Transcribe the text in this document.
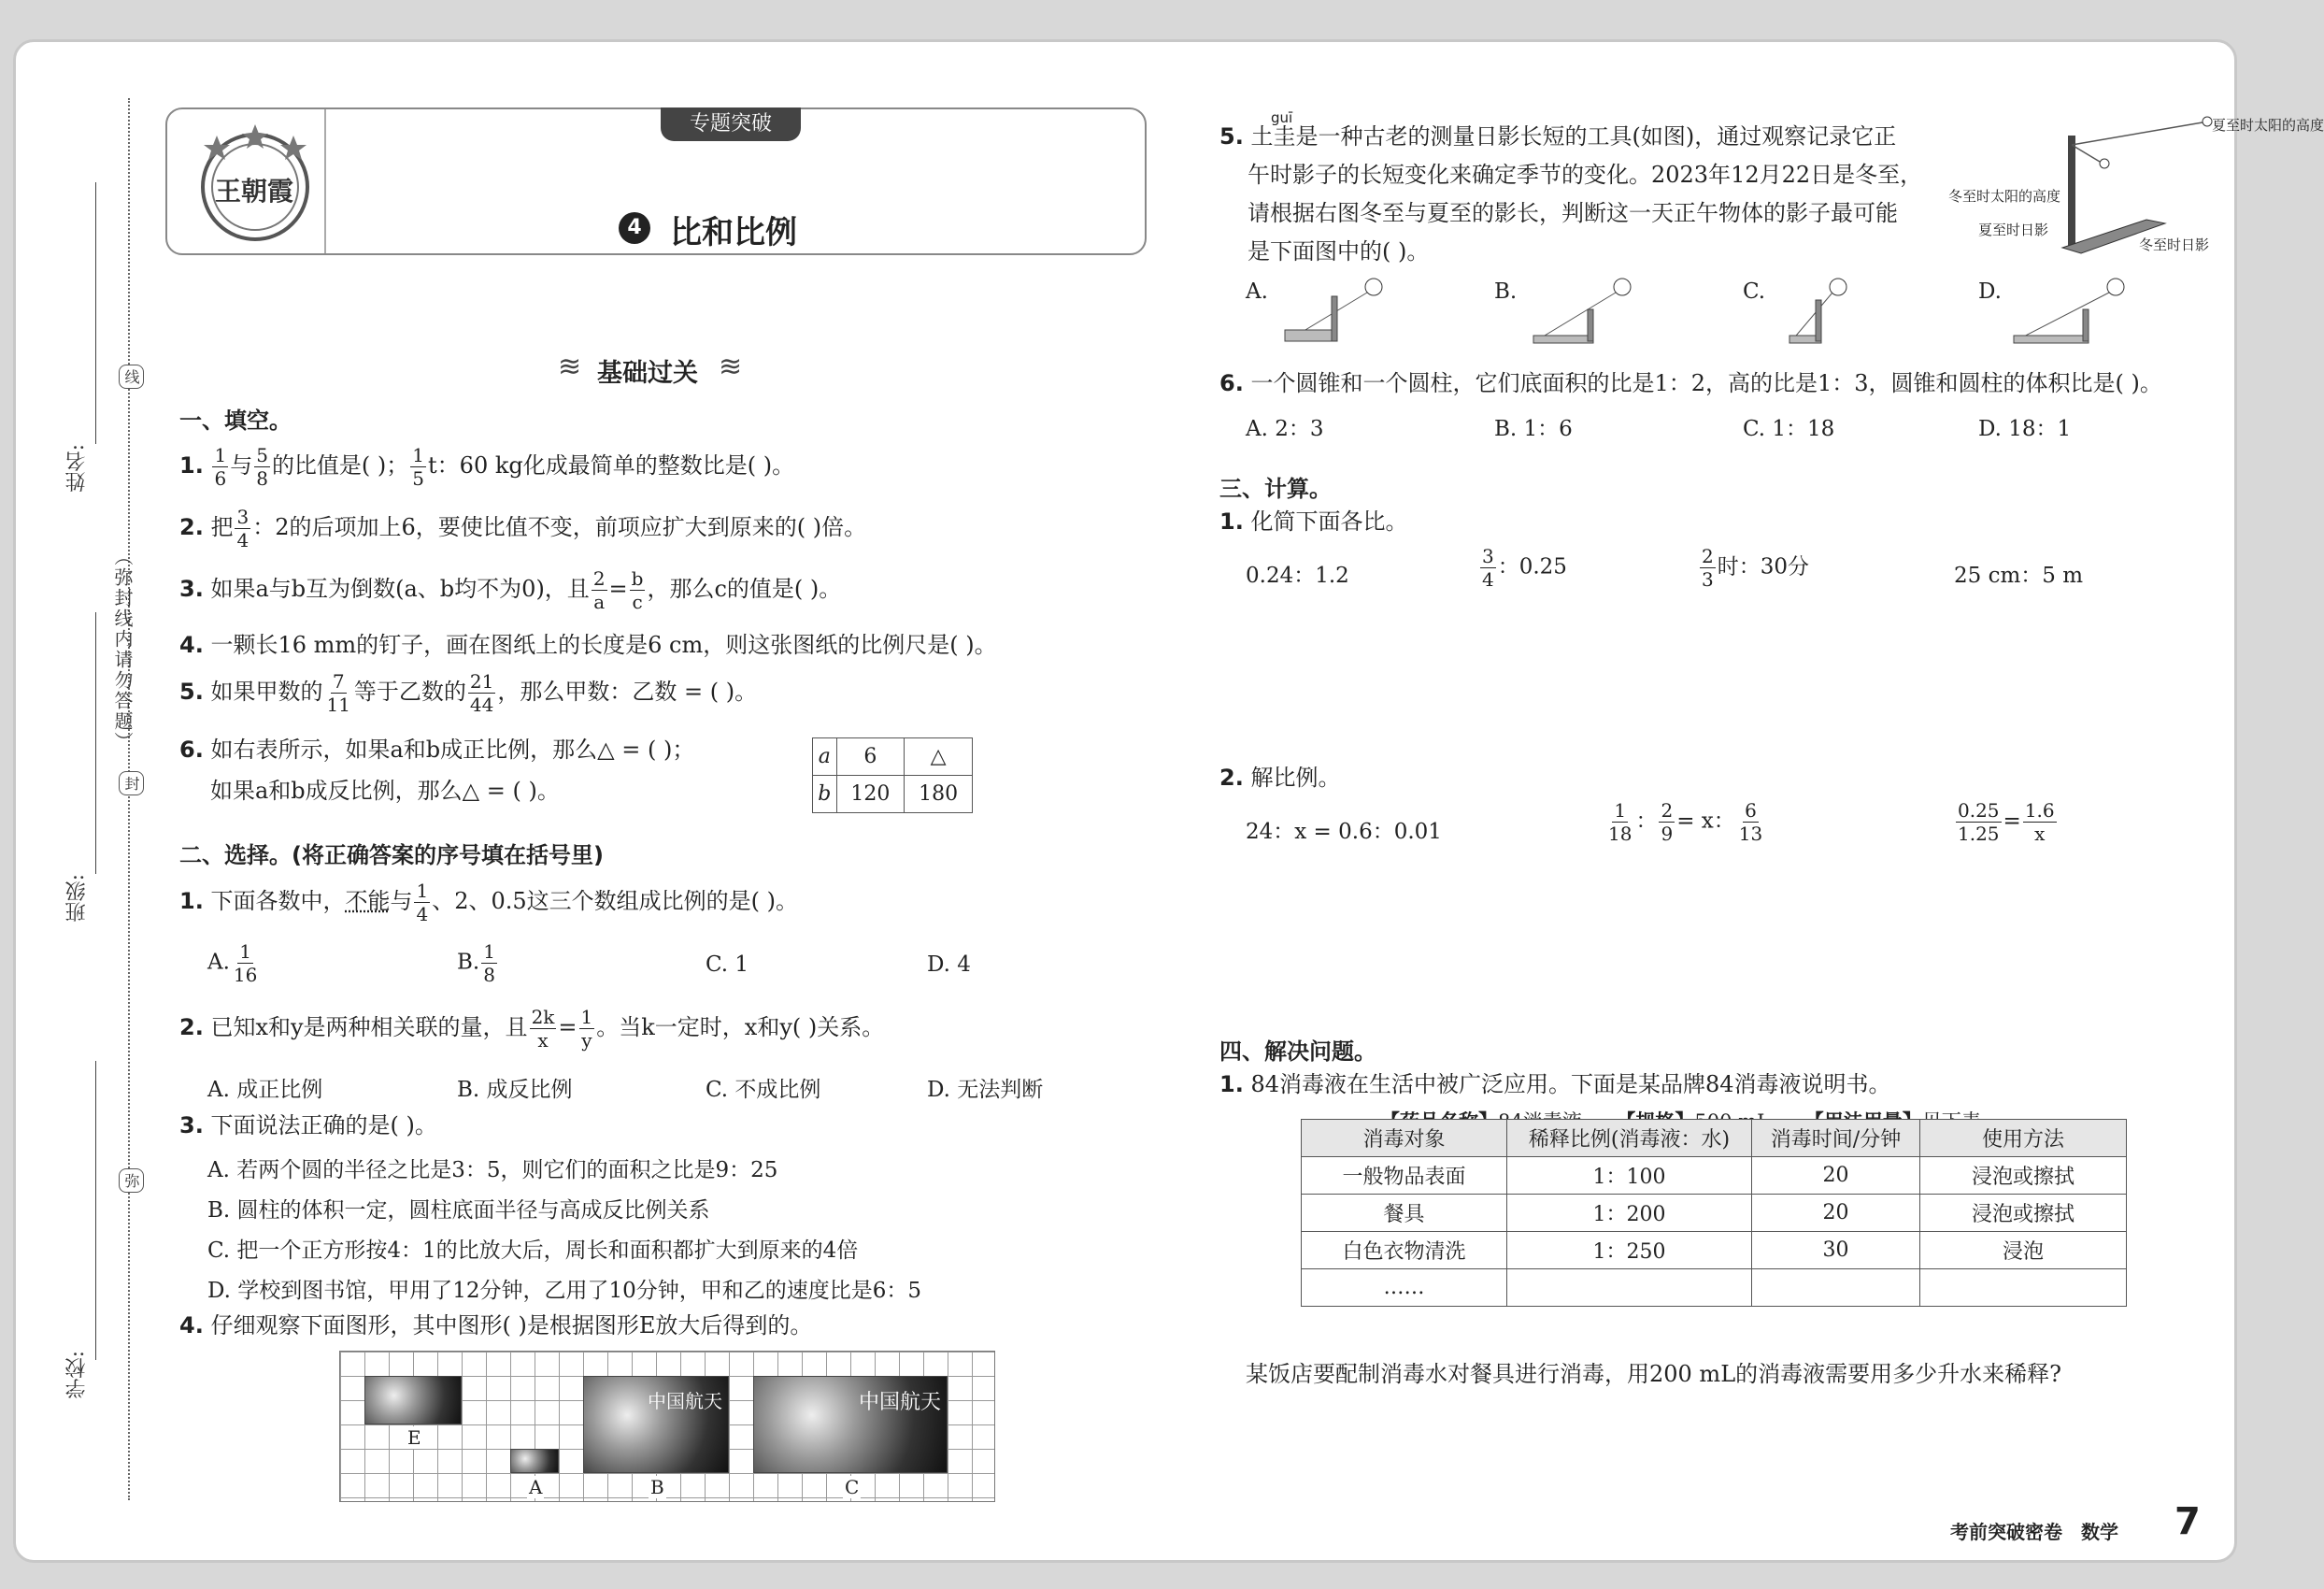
姓名:
班级:
学校:
（弥封线内请勿答题）
线
封
弥
王朝霞
专题突破
4 比和比例
≋ 基础过关 ≋
一、填空。
1. $\frac{1}{6}$ 与 $\frac{5}{8}$ 的比值是( )； $\frac{1}{5}$ t：60 kg化成最简单的整数比是( )。
2. 把 $\frac{3}{4}$ ：2的后项加上6，要使比值不变，前项应扩大到原来的( )倍。
3. 如果a与b互为倒数(a、b均不为0)，且 $\frac{2}{a} = \frac{b}{c}$ ，那么c的值是( )。
4. 一颗长16 mm的钉子，画在图纸上的长度是6 cm，则这张图纸的比例尺是( )。
5. 如果甲数的 $\frac{7}{11}$ 等于乙数的 $\frac{21}{44}$ ，那么甲数：乙数 = ( )。
6. 如右表所示，如果a和b成正比例，那么△ = ( )；
如果a和b成反比例，那么△ = ( )。
a	6	△
b	120	180
二、选择。(将正确答案的序号填在括号里)
1. 下面各数中，不能与 $\frac{1}{4}$ 、2、0.5这三个数组成比例的是( )。
A. $\frac{1}{16}$	B. $\frac{1}{8}$	C. 1	D. 4
2. 已知x和y是两种相关联的量，且 $\frac{2k}{x} = \frac{1}{y}$ 。当k一定时，x和y( )关系。
A. 成正比例	B. 成反比例	C. 不成比例	D. 无法判断
3. 下面说法正确的是( )。
A. 若两个圆的半径之比是3：5，则它们的面积之比是9：25
B. 圆柱的体积一定，圆柱底面半径与高成反比例关系
C. 把一个正方形按4：1的比放大后，周长和面积都扩大到原来的4倍
D. 学校到图书馆，甲用了12分钟，乙用了10分钟，甲和乙的速度比是6：5
4. 仔细观察下面图形，其中图形( )是根据图形E放大后得到的。
中国航天	中国航天
E
A	B	C
guī
5. 土圭是一种古老的测量日影长短的工具(如图)，通过观察记录它正
午时影子的长短变化来确定季节的变化。2023年12月22日是冬至，
请根据右图冬至与夏至的影长，判断这一天正午物体的影子最可能
是下面图中的( )。
夏至时太阳的高度
冬至时太阳的高度
夏至时日影
冬至时日影
A.	B.	C.	D.
6. 一个圆锥和一个圆柱，它们底面积的比是1：2，高的比是1：3，圆锥和圆柱的体积比是( )。
A. 2：3	B. 1：6	C. 1：18	D. 18：1
三、计算。
1. 化简下面各比。
0.24：1.2	$\frac{3}{4}$ ：0.25	$\frac{2}{3}$ 时：30分	25 cm：5 m
2. 解比例。
24：x = 0.6：0.01	$\frac{1}{18}$ ： $\frac{2}{9} = x$： $\frac{6}{13}$	$\frac{0.25}{1.25} = \frac{1.6}{x}$
四、解决问题。
1. 84消毒液在生活中被广泛应用。下面是某品牌84消毒液说明书。
【药品名称】84消毒液 【规格】500 mL 【用法用量】见下表
消毒对象	稀释比例(消毒液：水)	消毒时间/分钟	使用方法
一般物品表面	1：100	20	浸泡或擦拭
餐具	1：200	20	浸泡或擦拭
白色衣物清洗	1：250	30	浸泡
……			
某饭店要配制消毒水对餐具进行消毒，用200 mL的消毒液需要用多少升水来稀释?
考前突破密卷　数学 7
